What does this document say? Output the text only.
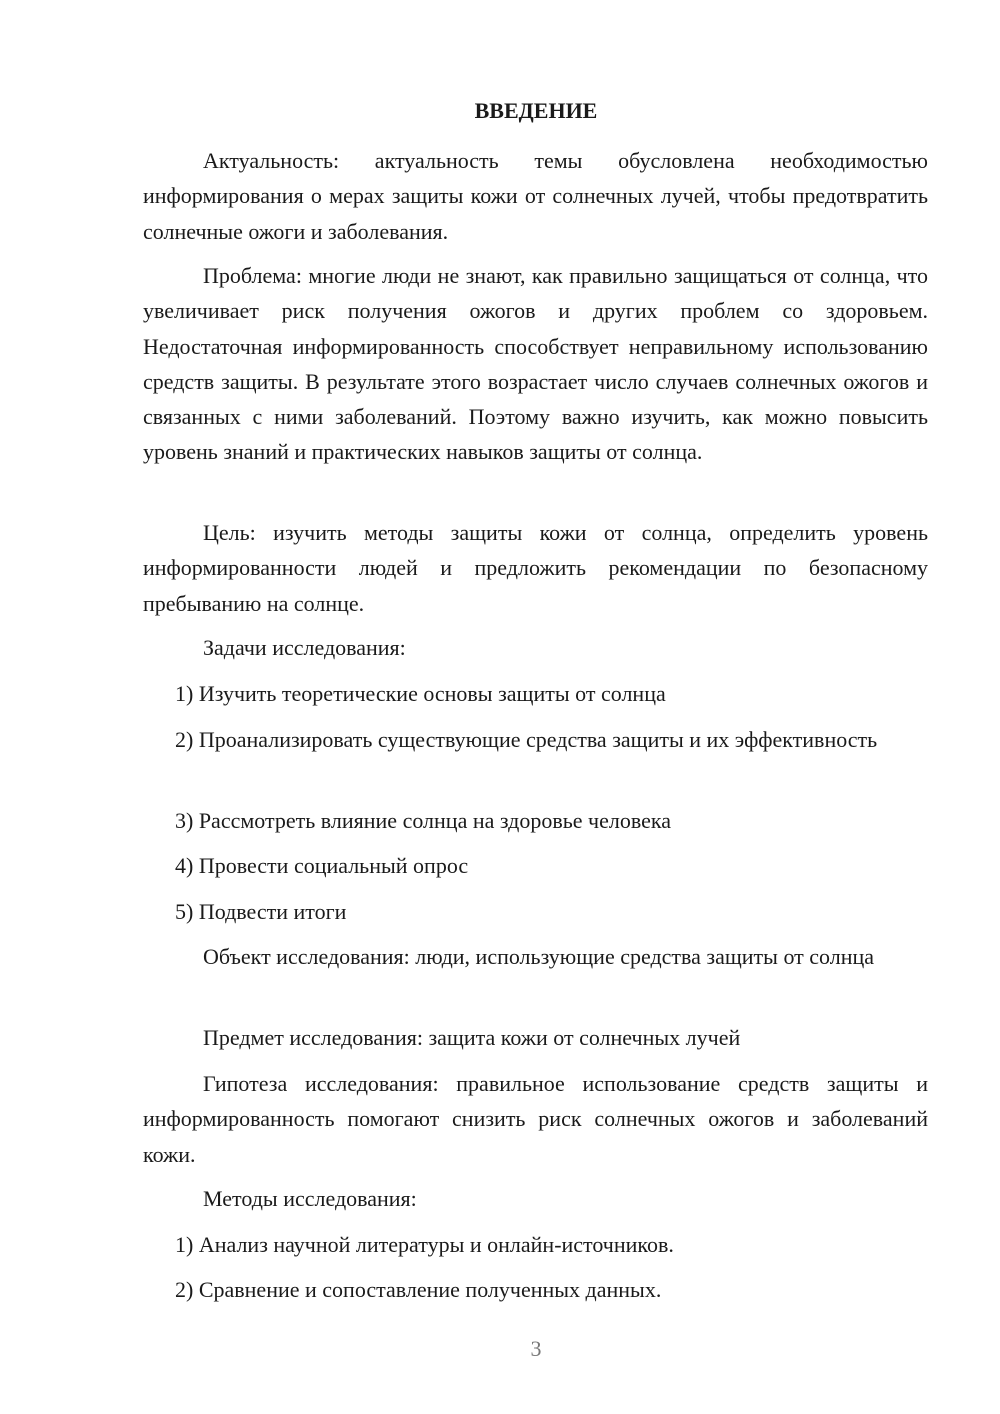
ВВЕДЕНИЕ

Актуальность: актуальность темы обусловлена необходимостью информирования о мерах защиты кожи от солнечных лучей, чтобы предотвратить солнечные ожоги и заболевания.

Проблема: многие люди не знают, как правильно защищаться от солнца, что увеличивает риск получения ожогов и других проблем со здоровьем. Недостаточная информированность способствует неправильному использованию средств защиты. В результате этого возрастает число случаев солнечных ожогов и связанных с ними заболеваний. Поэтому важно изучить, как можно повысить уровень знаний и практических навыков защиты от солнца.

Цель: изучить методы защиты кожи от солнца, определить уровень информированности людей и предложить рекомендации по безопасному пребыванию на солнце.

Задачи исследования:

1) Изучить теоретические основы защиты от солнца

2) Проанализировать существующие средства защиты и их эффективность

3) Рассмотреть влияние солнца на здоровье человека

4) Провести социальный опрос

5) Подвести итоги

Объект исследования: люди, использующие средства защиты от солнца

Предмет исследования: защита кожи от солнечных лучей

Гипотеза исследования: правильное использование средств защиты и информированность помогают снизить риск солнечных ожогов и заболеваний кожи.

Методы исследования:

1) Анализ научной литературы и онлайн-источников.

2) Сравнение и сопоставление полученных данных.

3
